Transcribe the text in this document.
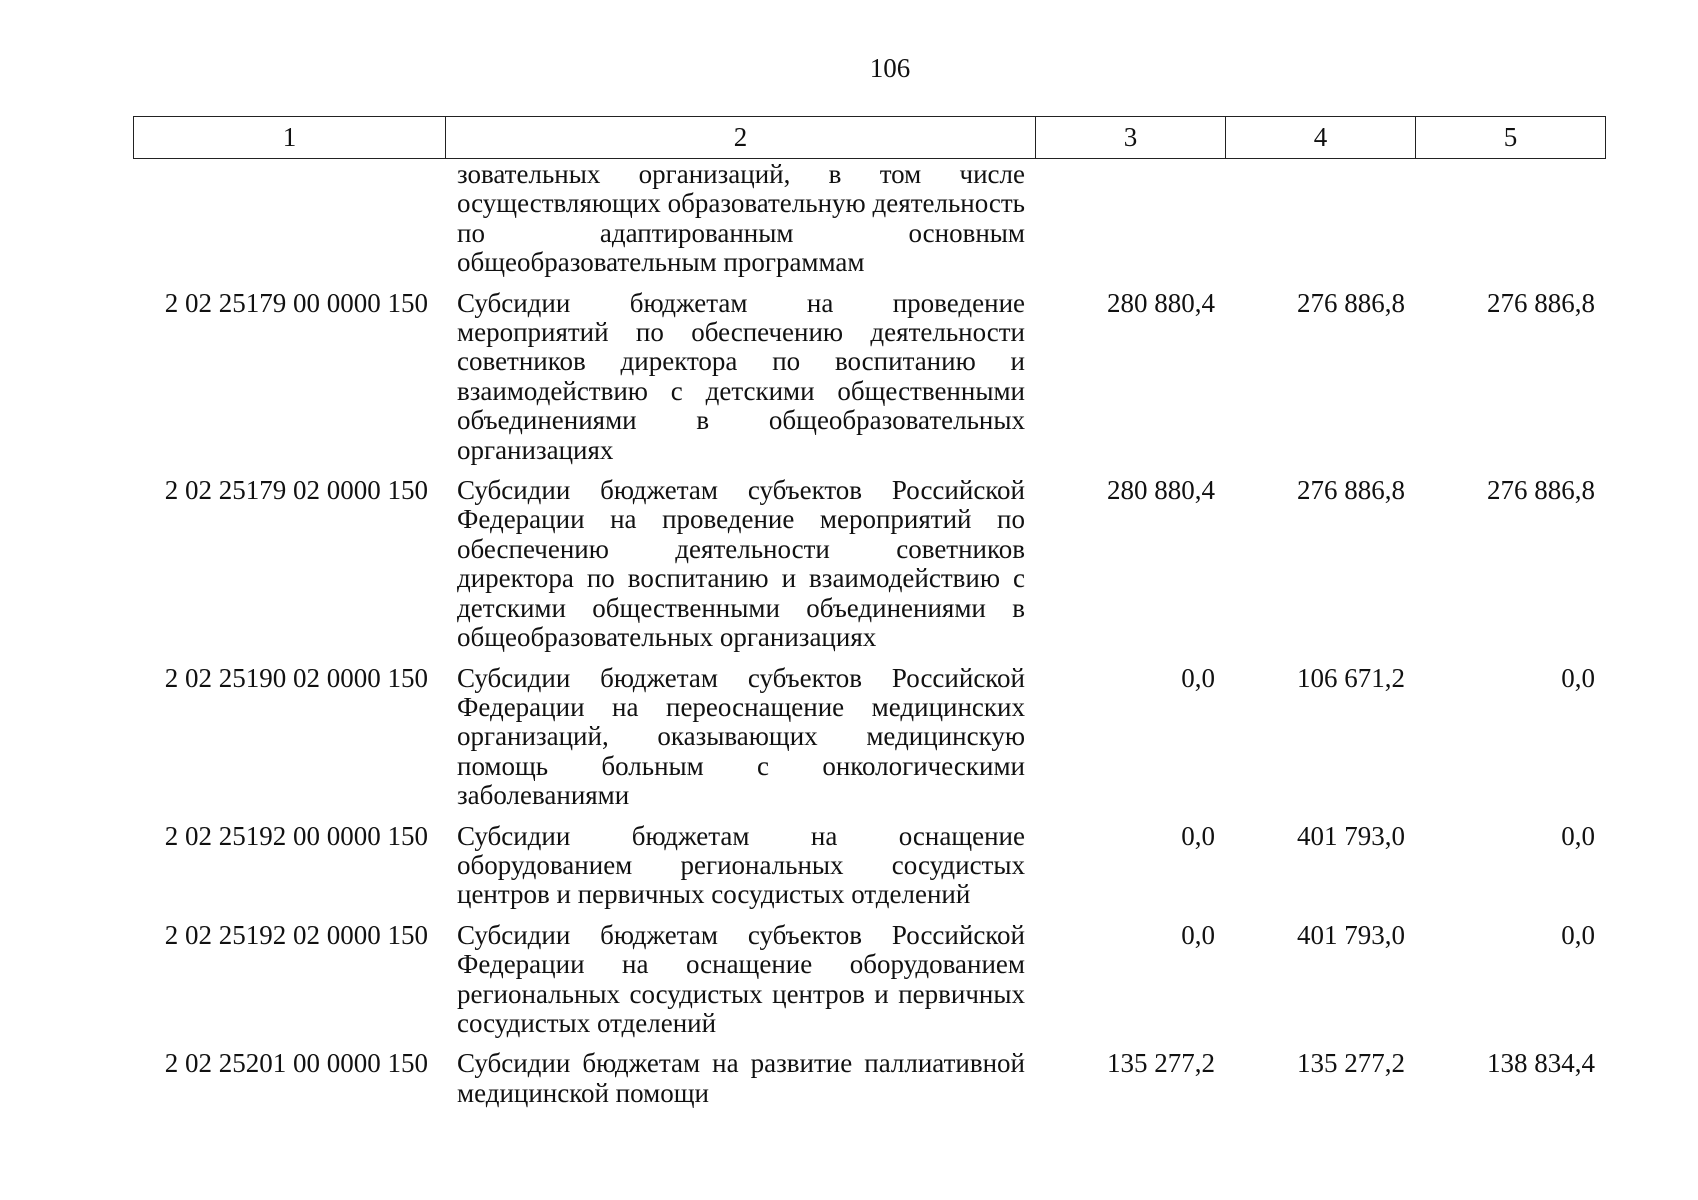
106
1	2	3	4	5
	зовательных организаций, в том числе осуществляющих образовательную деятельность по адаптированным основным общеобразовательным программам			
2 02 25179 00 0000 150	Субсидии бюджетам на проведение мероприятий по обеспечению деятельности советников директора по воспитанию и взаимодействию с детскими общественными объединениями в общеобразовательных организациях	280 880,4	276 886,8	276 886,8
2 02 25179 02 0000 150	Субсидии бюджетам субъектов Российской Федерации на проведение мероприятий по обеспечению деятельности советников директора по воспитанию и взаимодействию с детскими общественными объединениями в общеобразовательных организациях	280 880,4	276 886,8	276 886,8
2 02 25190 02 0000 150	Субсидии бюджетам субъектов Российской Федерации на переоснащение медицинских организаций, оказывающих медицинскую помощь больным с онкологическими заболеваниями	0,0	106 671,2	0,0
2 02 25192 00 0000 150	Субсидии бюджетам на оснащение оборудованием региональных сосудистых центров и первичных сосудистых отделений	0,0	401 793,0	0,0
2 02 25192 02 0000 150	Субсидии бюджетам субъектов Российской Федерации на оснащение оборудованием региональных сосудистых центров и первичных сосудистых отделений	0,0	401 793,0	0,0
2 02 25201 00 0000 150	Субсидии бюджетам на развитие паллиативной медицинской помощи	135 277,2	135 277,2	138 834,4
